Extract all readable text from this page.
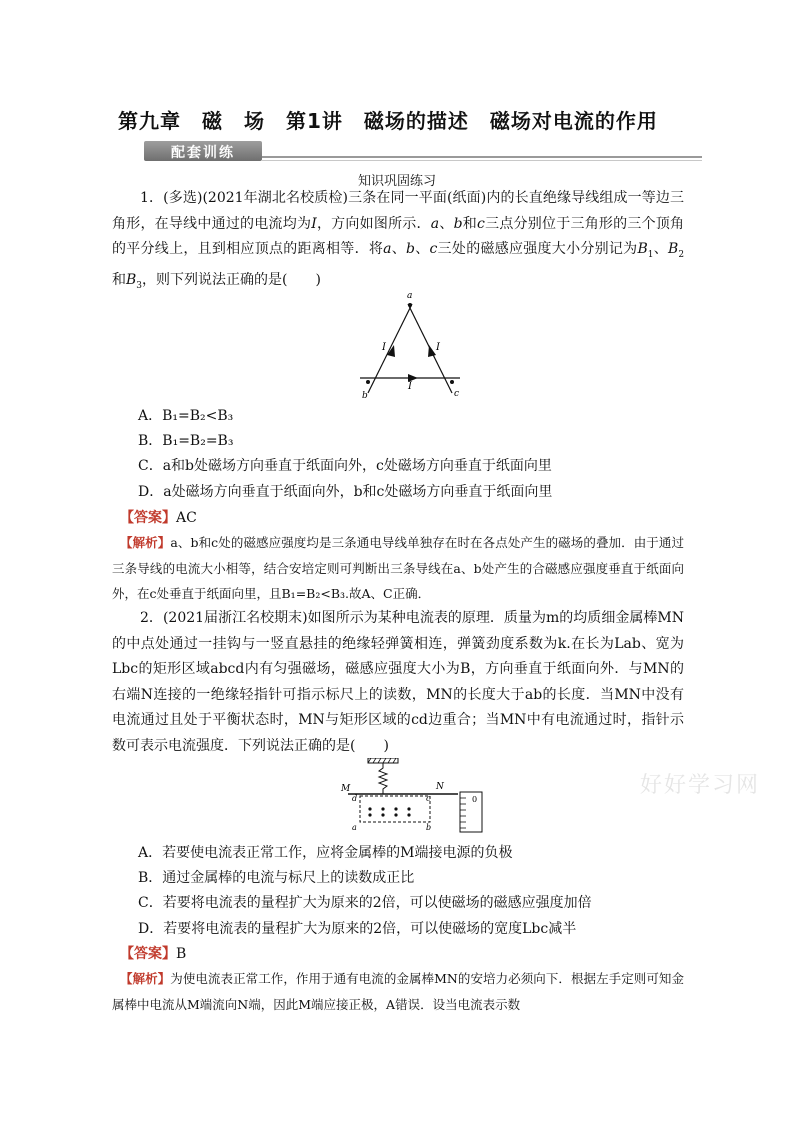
第九章　磁　场　第1讲　磁场的描述　磁场对电流的作用
配套训练
知识巩固练习
1．(多选)(2021年湖北名校质检)三条在同一平面(纸面)内的长直绝缘导线组成一等边三角形，在导线中通过的电流均为I，方向如图所示．a、b和c三点分别位于三角形的三个顶角的平分线上，且到相应顶点的距离相等．将a、b、c三处的磁感应强度大小分别记为$B_1$、$B_2$和$B_3$，则下列说法正确的是(　　)
a
b	c
I	I
I
A．B₁=B₂<B₃
B．B₁=B₂=B₃
C．a和b处磁场方向垂直于纸面向外，c处磁场方向垂直于纸面向里
D．a处磁场方向垂直于纸面向外，b和c处磁场方向垂直于纸面向里
【答案】AC
【解析】a、b和c处的磁感应强度均是三条通电导线单独存在时在各点处产生的磁场的叠加．由于通过三条导线的电流大小相等，结合安培定则可判断出三条导线在a、b处产生的合磁感应强度垂直于纸面向外，在c处垂直于纸面向里，且B₁=B₂<B₃.故A、C正确．
2．(2021届浙江名校期末)如图所示为某种电流表的原理．质量为m的均质细金属棒MN的中点处通过一挂钩与一竖直悬挂的绝缘轻弹簧相连，弹簧劲度系数为k.在长为Lab、宽为Lbc的矩形区域abcd内有匀强磁场，磁感应强度大小为B，方向垂直于纸面向外．与MN的右端N连接的一绝缘轻指针可指示标尺上的读数，MN的长度大于ab的长度．当MN中没有电流通过且处于平衡状态时，MN与矩形区域的cd边重合；当MN中有电流通过时，指针示数可表示电流强度．下列说法正确的是(　　)
M	N
d	c
a	b
0
好好学习网
A．若要使电流表正常工作，应将金属棒的M端接电源的负极
B．通过金属棒的电流与标尺上的读数成正比
C．若要将电流表的量程扩大为原来的2倍，可以使磁场的磁感应强度加倍
D．若要将电流表的量程扩大为原来的2倍，可以使磁场的宽度Lbc减半
【答案】B
【解析】为使电流表正常工作，作用于通有电流的金属棒MN的安培力必须向下．根据左手定则可知金属棒中电流从M端流向N端，因此M端应接正极，A错误．设当电流表示数
